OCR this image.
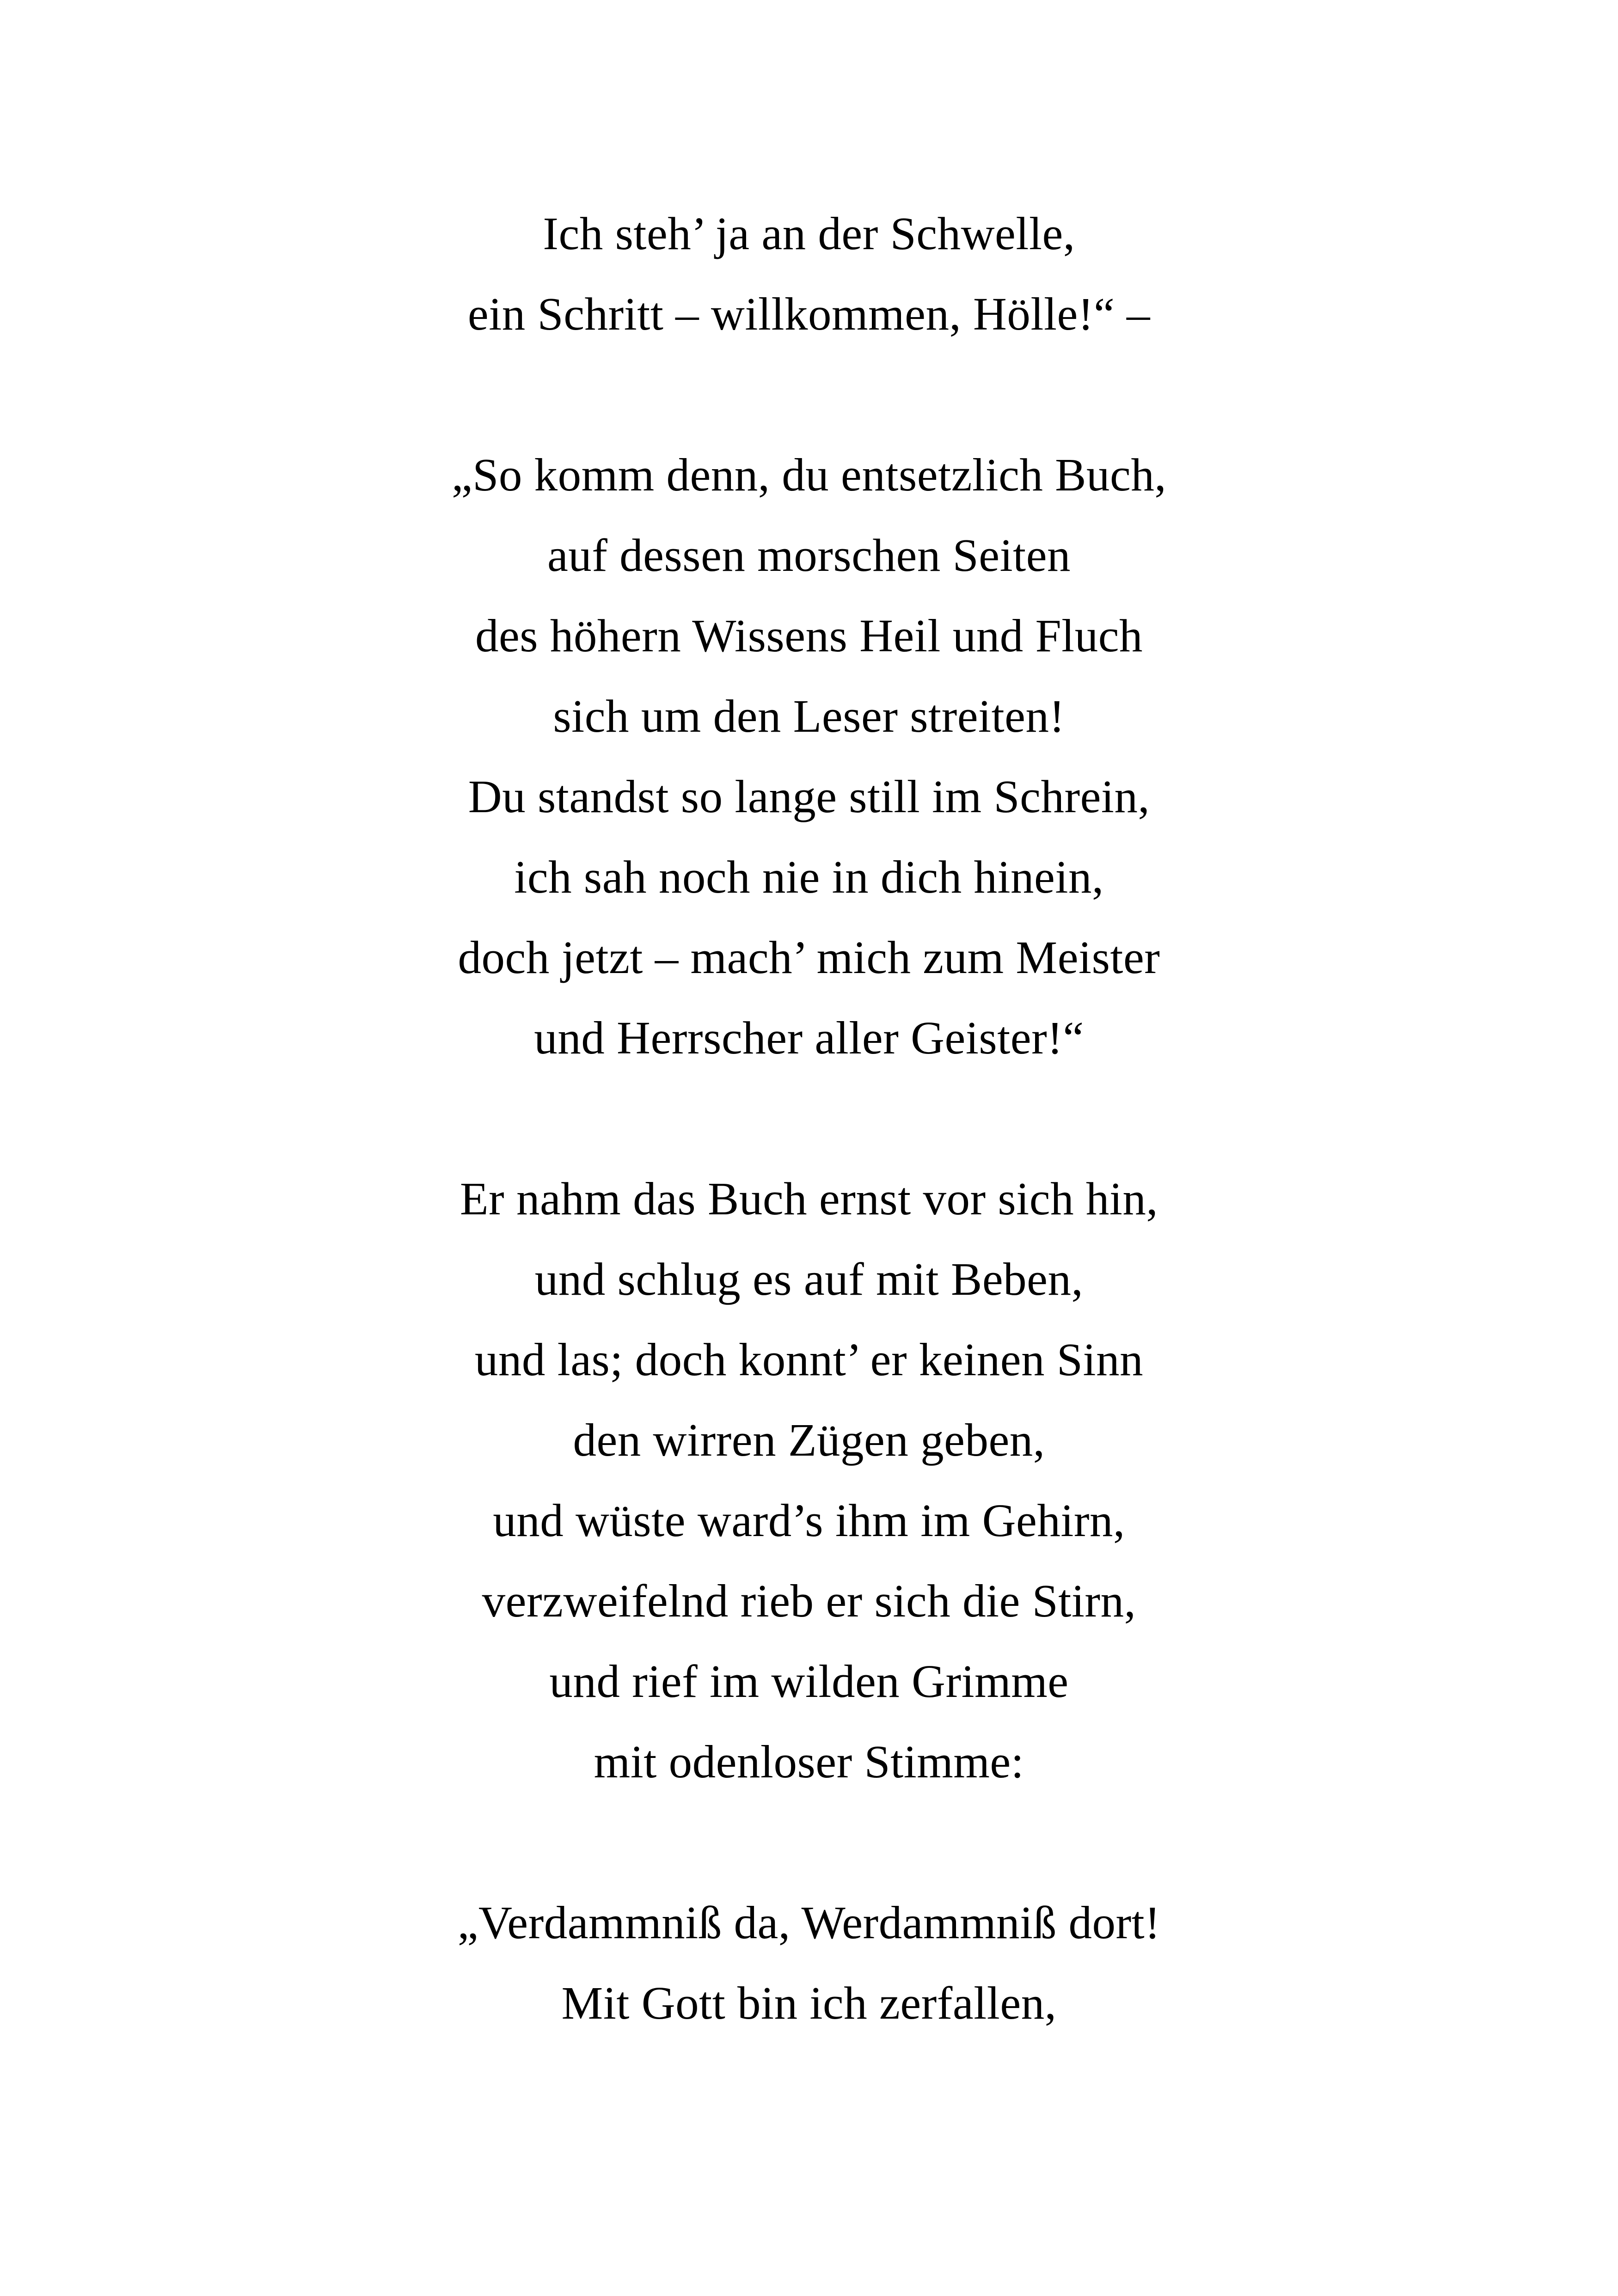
Ich steh’ ja an der Schwelle,
ein Schritt – willkommen, Hölle!“ –
„So komm denn, du entsetzlich Buch,
auf dessen morschen Seiten
des höhern Wissens Heil und Fluch
sich um den Leser streiten!
Du standst so lange still im Schrein,
ich sah noch nie in dich hinein,
doch jetzt – mach’ mich zum Meister
und Herrscher aller Geister!“
Er nahm das Buch ernst vor sich hin,
und schlug es auf mit Beben,
und las; doch konnt’ er keinen Sinn
den wirren Zügen geben,
und wüste ward’s ihm im Gehirn,
verzweifelnd rieb er sich die Stirn,
und rief im wilden Grimme
mit odenloser Stimme:
„Verdammniß da, Werdammniß dort!
Mit Gott bin ich zerfallen,
